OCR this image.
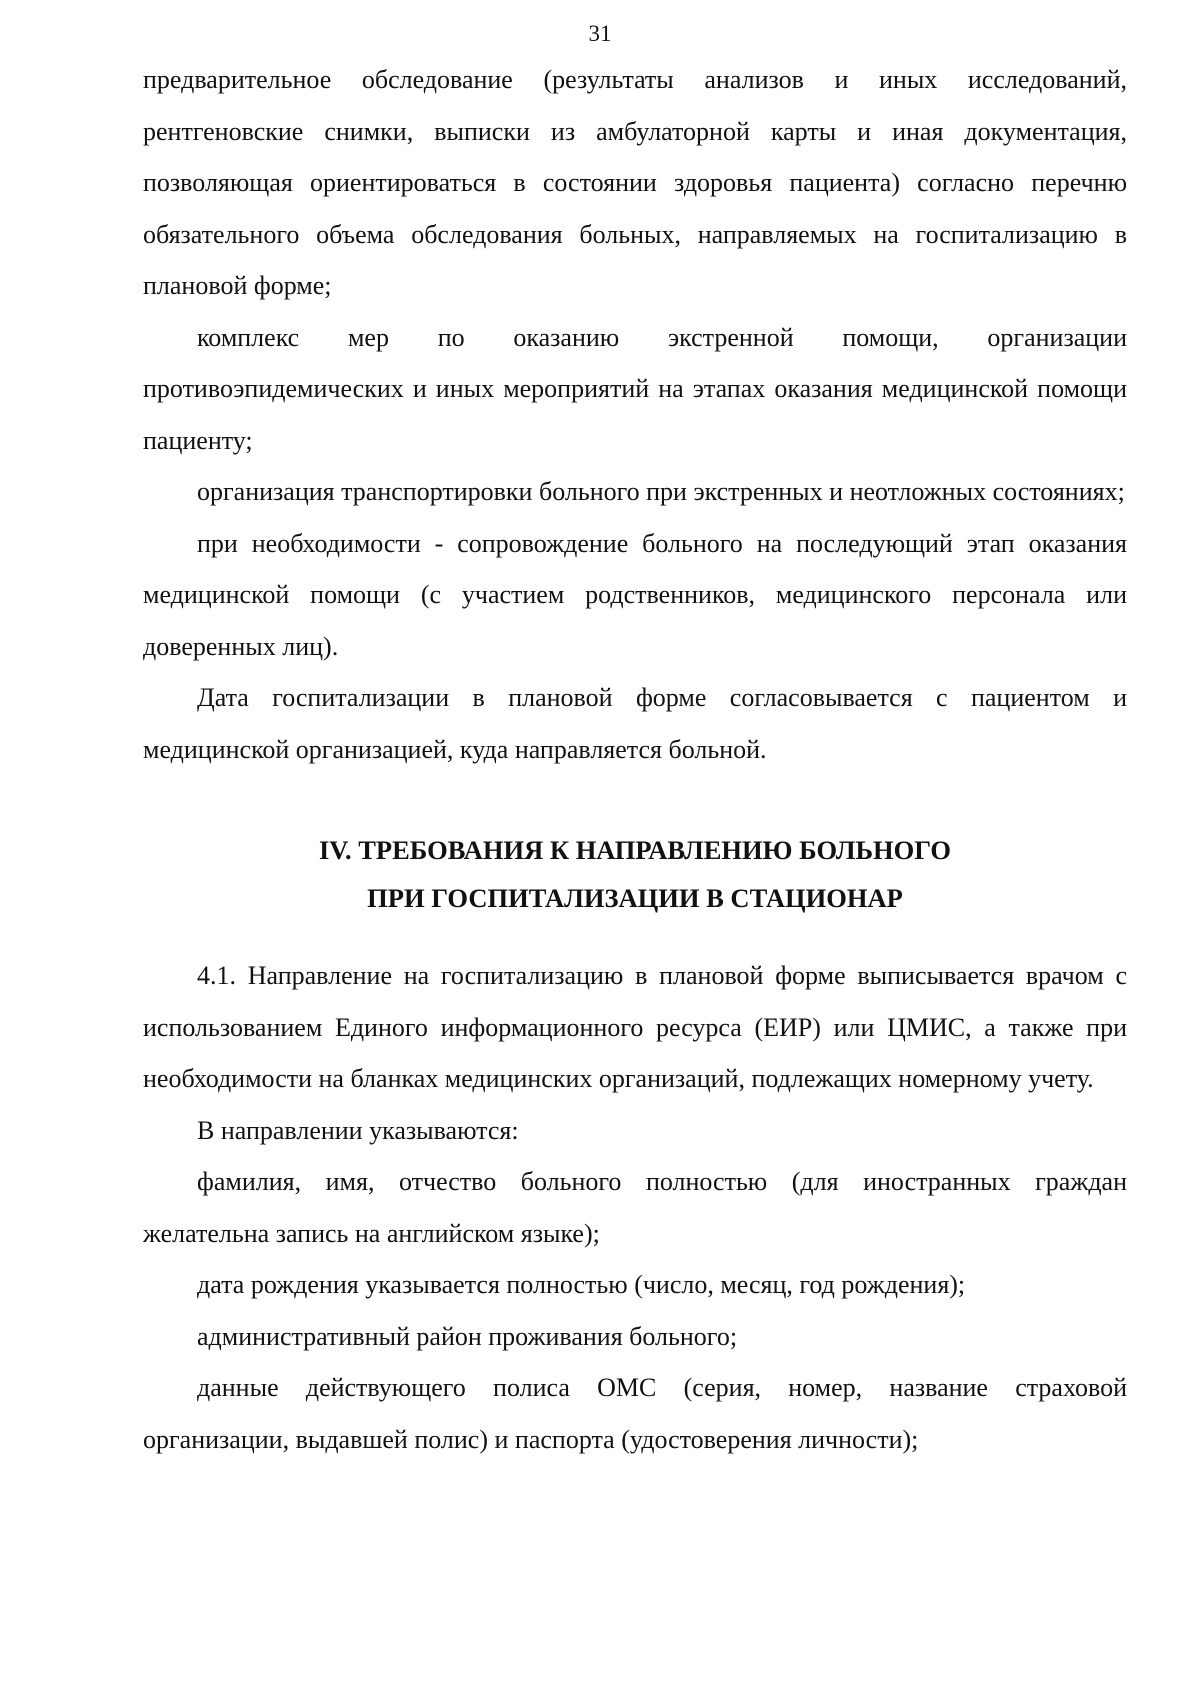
31

предварительное обследование (результаты анализов и иных исследований, рентгеновские снимки, выписки из амбулаторной карты и иная документация, позволяющая ориентироваться в состоянии здоровья пациента) согласно перечню обязательного объема обследования больных, направляемых на госпитализацию в плановой форме;

комплекс мер по оказанию экстренной помощи, организации противоэпидемических и иных мероприятий на этапах оказания медицинской помощи пациенту;

организация транспортировки больного при экстренных и неотложных состояниях;

при необходимости - сопровождение больного на последующий этап оказания медицинской помощи (с участием родственников, медицинского персонала или доверенных лиц).

Дата госпитализации в плановой форме согласовывается с пациентом и медицинской организацией, куда направляется больной.

IV. ТРЕБОВАНИЯ К НАПРАВЛЕНИЮ БОЛЬНОГО
ПРИ ГОСПИТАЛИЗАЦИИ В СТАЦИОНАР

4.1. Направление на госпитализацию в плановой форме выписывается врачом с использованием Единого информационного ресурса (ЕИР) или ЦМИС, а также при необходимости на бланках медицинских организаций, подлежащих номерному учету.

В направлении указываются:

фамилия, имя, отчество больного полностью (для иностранных граждан желательна запись на английском языке);

дата рождения указывается полностью (число, месяц, год рождения);

административный район проживания больного;

данные действующего полиса ОМС (серия, номер, название страховой организации, выдавшей полис) и паспорта (удостоверения личности);
